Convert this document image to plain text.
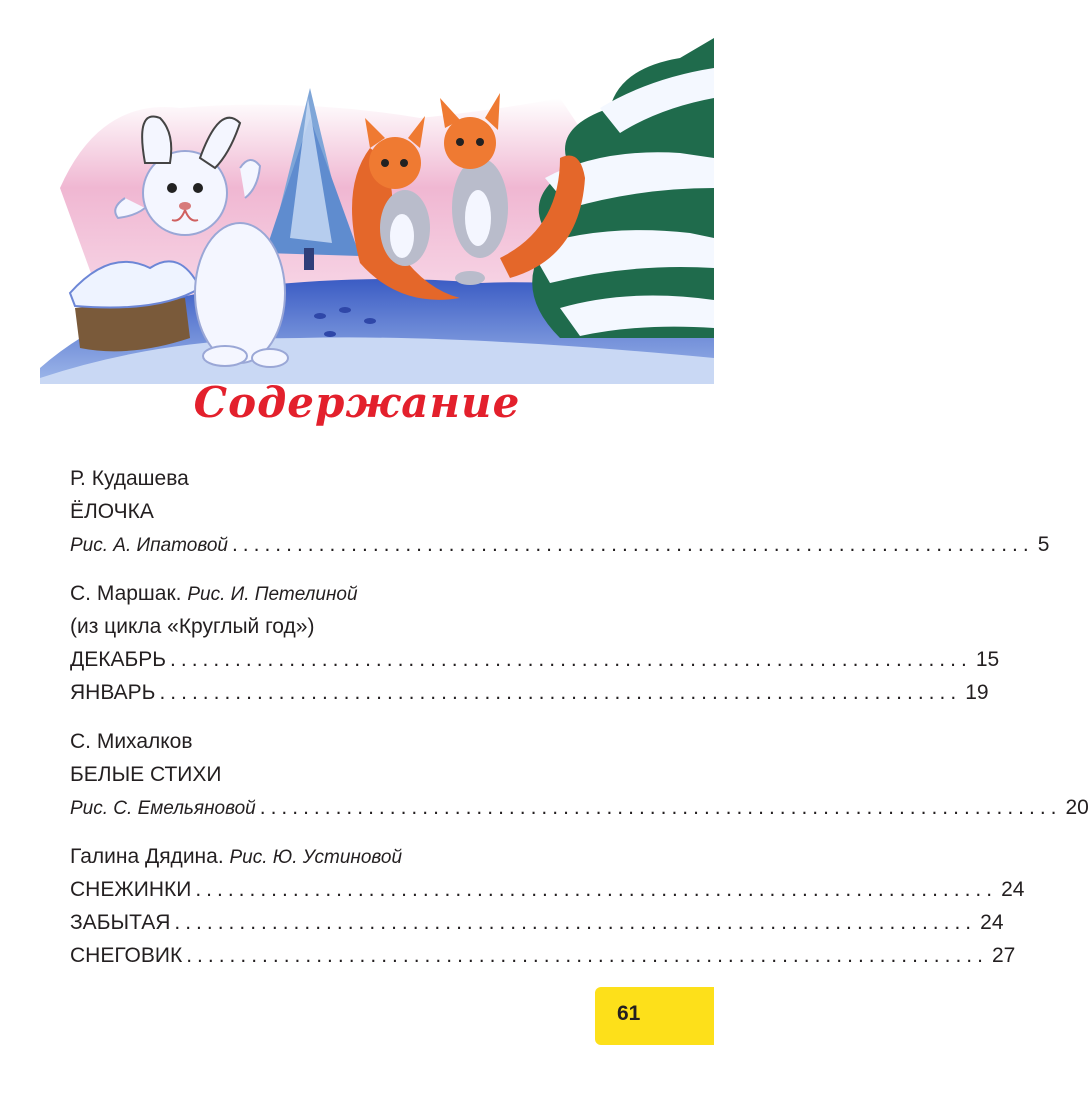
Содержание
Р. Кудашева
ЁЛОЧКА
Рис. А. Ипатовой .......................................................................... 5
С. Маршак. Рис. И. Петелиной
(из цикла «Круглый год»)
ДЕКАБРЬ .......................................................................... 15
ЯНВАРЬ .......................................................................... 19
С. Михалков
БЕЛЫЕ СТИХИ
Рис. С. Емельяновой .......................................................................... 20
Галина Дядина. Рис. Ю. Устиновой
СНЕЖИНКИ .......................................................................... 24
ЗАБЫТАЯ .......................................................................... 24
СНЕГОВИК .......................................................................... 27
61
